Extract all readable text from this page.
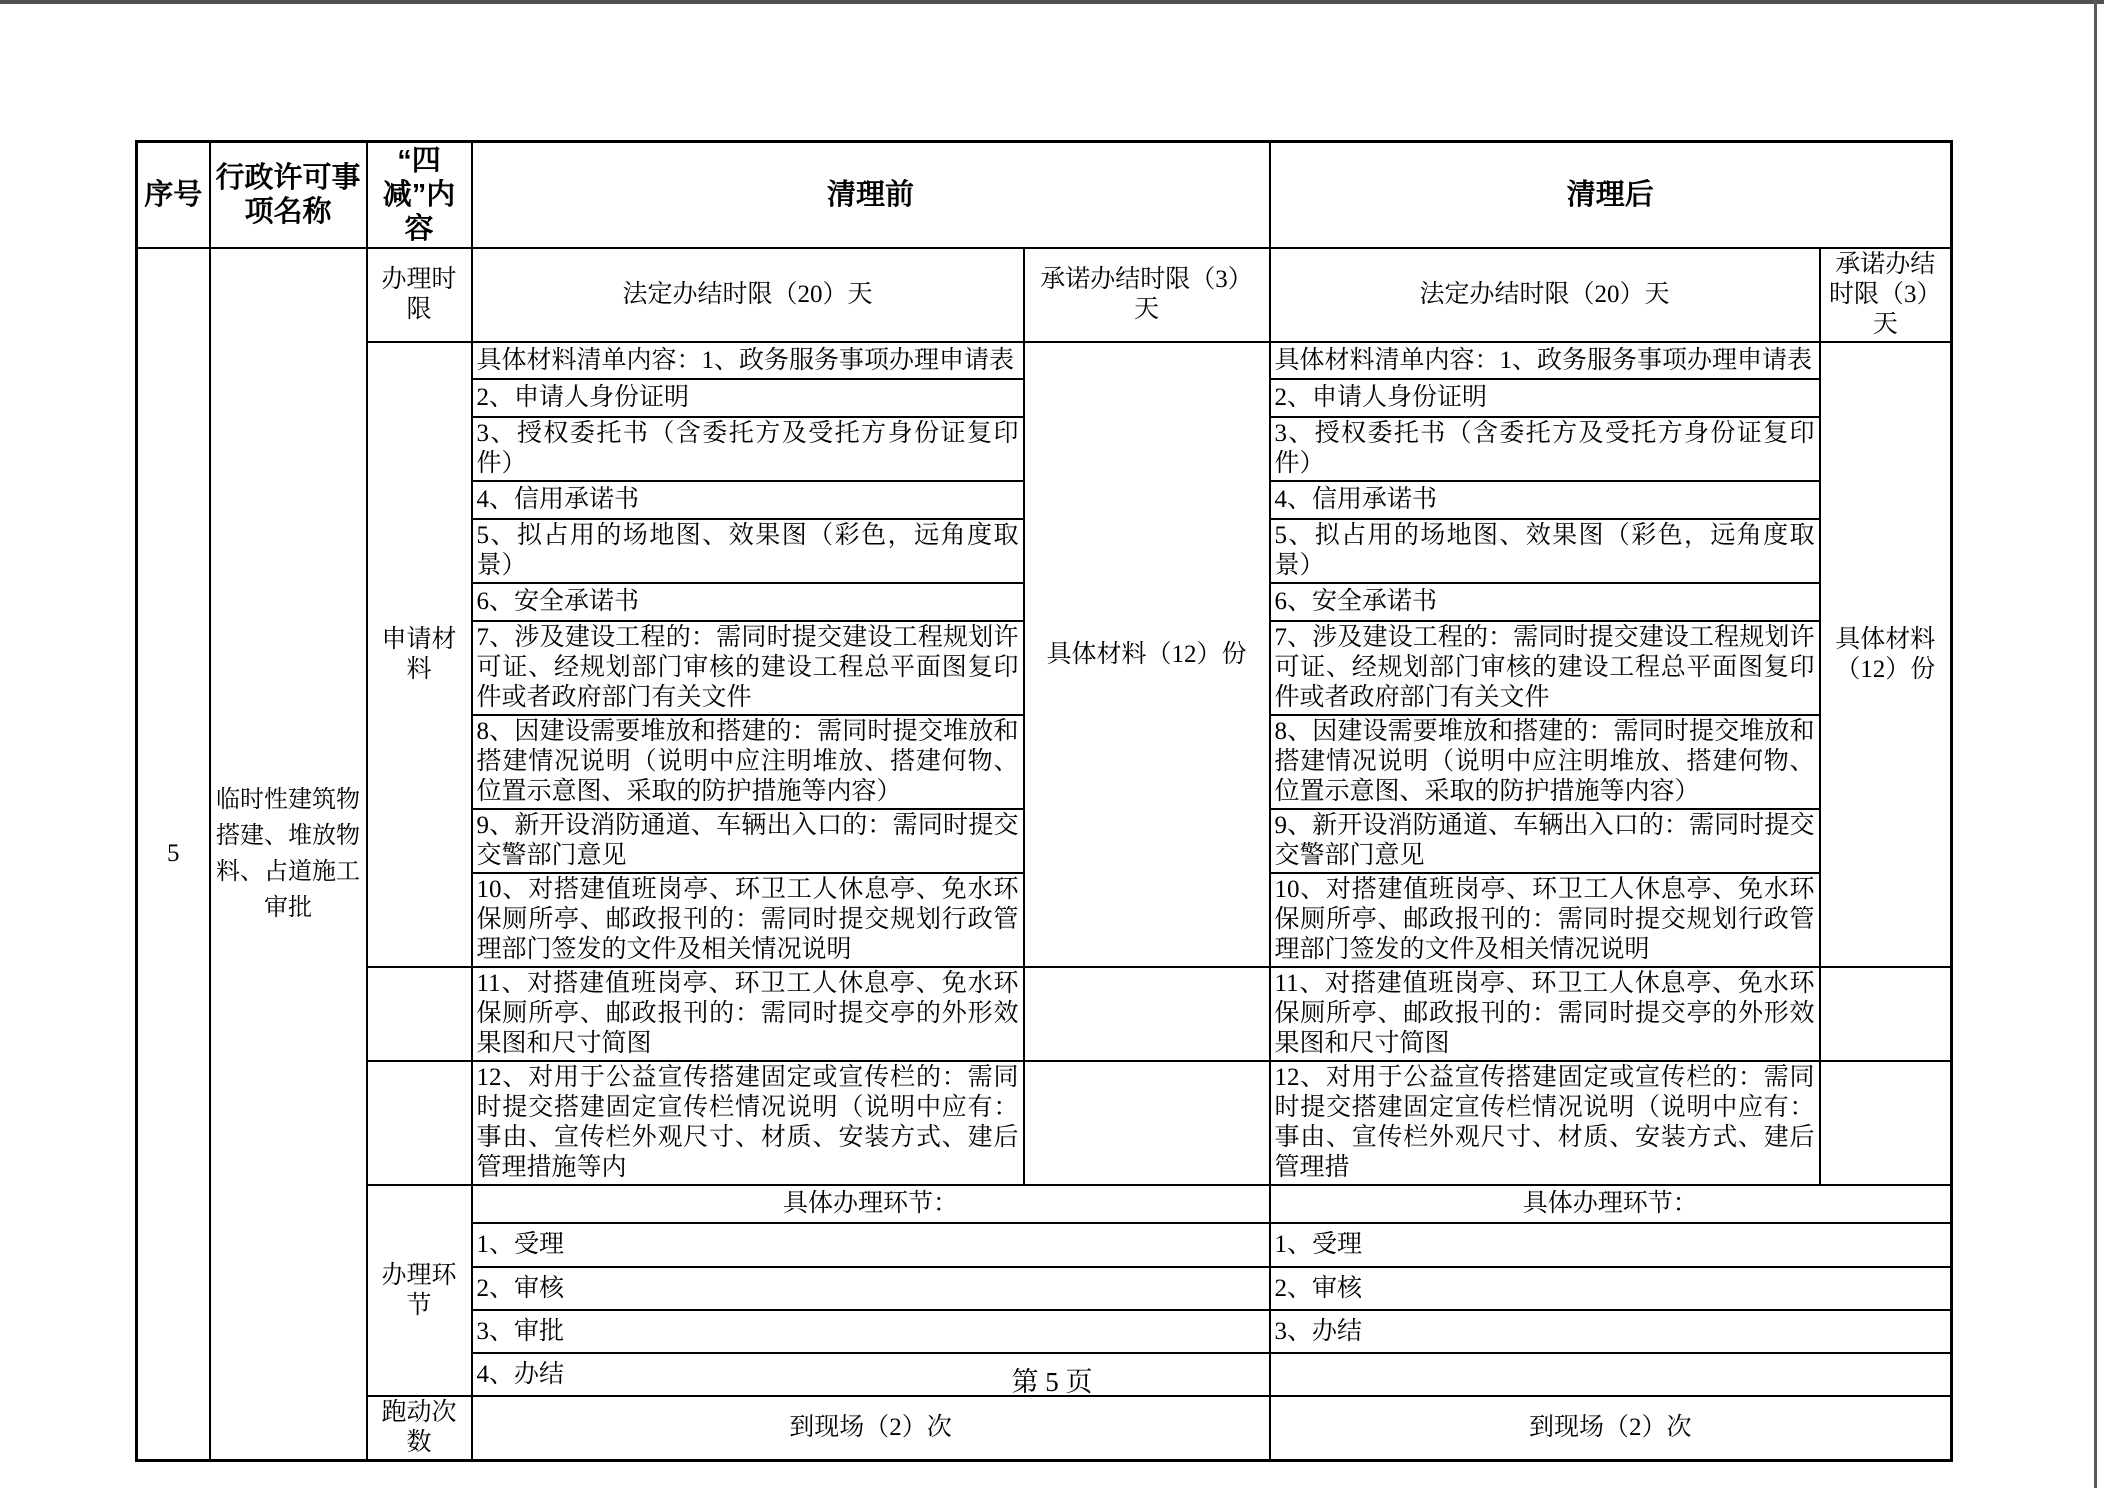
序号	行政许可事项名称	“四减”内容	清理前		清理后	
5	临时性建筑物搭建、堆放物料、占道施工审批	办理时限	法定办结时限（20）天	承诺办结时限（3）天	法定办结时限（20）天	承诺办结时限（3）天
		申请材料	具体材料清单内容：1、政务服务事项办理申请表	具体材料（12）份	具体材料清单内容：1、政务服务事项办理申请表	具体材料（12）份
			2、申请人身份证明		2、申请人身份证明	
			3、授权委托书（含委托方及受托方身份证复印件）		3、授权委托书（含委托方及受托方身份证复印件）	
			4、信用承诺书		4、信用承诺书	
			5、拟占用的场地图、效果图（彩色，远角度取景）		5、拟占用的场地图、效果图（彩色，远角度取景）	
			6、安全承诺书		6、安全承诺书	
			7、涉及建设工程的：需同时提交建设工程规划许可证、经规划部门审核的建设工程总平面图复印件或者政府部门有关文件		7、涉及建设工程的：需同时提交建设工程规划许可证、经规划部门审核的建设工程总平面图复印件或者政府部门有关文件	
			8、因建设需要堆放和搭建的：需同时提交堆放和搭建情况说明（说明中应注明堆放、搭建何物、位置示意图、采取的防护措施等内容）		8、因建设需要堆放和搭建的：需同时提交堆放和搭建情况说明（说明中应注明堆放、搭建何物、位置示意图、采取的防护措施等内容）	
			9、新开设消防通道、车辆出入口的：需同时提交交警部门意见		9、新开设消防通道、车辆出入口的：需同时提交交警部门意见	
			10、对搭建值班岗亭、环卫工人休息亭、免水环保厕所亭、邮政报刊的：需同时提交规划行政管理部门签发的文件及相关情况说明		10、对搭建值班岗亭、环卫工人休息亭、免水环保厕所亭、邮政报刊的：需同时提交规划行政管理部门签发的文件及相关情况说明	
			11、对搭建值班岗亭、环卫工人休息亭、免水环保厕所亭、邮政报刊的：需同时提交亭的外形效果图和尺寸简图		11、对搭建值班岗亭、环卫工人休息亭、免水环保厕所亭、邮政报刊的：需同时提交亭的外形效果图和尺寸简图	
			12、对用于公益宣传搭建固定或宣传栏的：需同时提交搭建固定宣传栏情况说明（说明中应有：事由、宣传栏外观尺寸、材质、安装方式、建后管理措施等内		12、对用于公益宣传搭建固定或宣传栏的：需同时提交搭建固定宣传栏情况说明（说明中应有：事由、宣传栏外观尺寸、材质、安装方式、建后管理措	
		办理环节	具体办理环节：		具体办理环节：	
			1、受理		1、受理	
			2、审核		2、审核	
			3、审批		3、办结	
			4、办结			
		跑动次数	到现场（2）次		到现场（2）次	
第 5 页
